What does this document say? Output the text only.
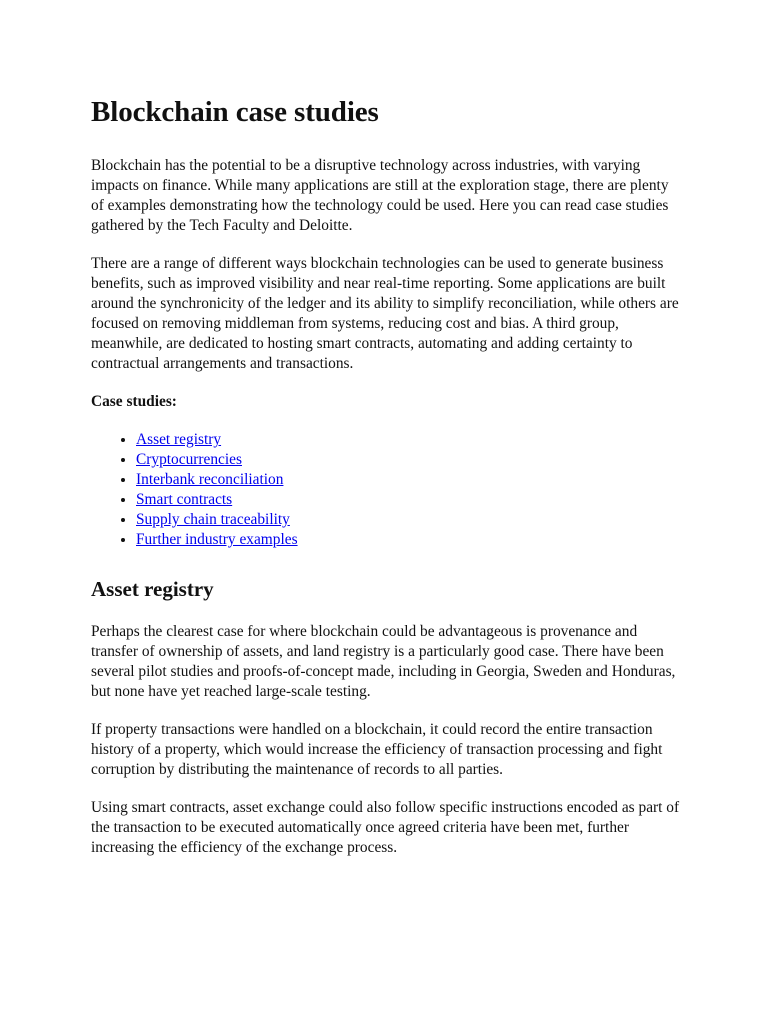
Blockchain case studies

Blockchain has the potential to be a disruptive technology across industries, with varying impacts on finance. While many applications are still at the exploration stage, there are plenty of examples demonstrating how the technology could be used. Here you can read case studies gathered by the Tech Faculty and Deloitte.

There are a range of different ways blockchain technologies can be used to generate business benefits, such as improved visibility and near real-time reporting. Some applications are built around the synchronicity of the ledger and its ability to simplify reconciliation, while others are focused on removing middleman from systems, reducing cost and bias. A third group, meanwhile, are dedicated to hosting smart contracts, automating and adding certainty to contractual arrangements and transactions.

Case studies:

• Asset registry
• Cryptocurrencies
• Interbank reconciliation
• Smart contracts
• Supply chain traceability
• Further industry examples
Asset registry

Perhaps the clearest case for where blockchain could be advantageous is provenance and transfer of ownership of assets, and land registry is a particularly good case. There have been several pilot studies and proofs-of-concept made, including in Georgia, Sweden and Honduras, but none have yet reached large-scale testing.

If property transactions were handled on a blockchain, it could record the entire transaction history of a property, which would increase the efficiency of transaction processing and fight corruption by distributing the maintenance of records to all parties.

Using smart contracts, asset exchange could also follow specific instructions encoded as part of the transaction to be executed automatically once agreed criteria have been met, further increasing the efficiency of the exchange process.
